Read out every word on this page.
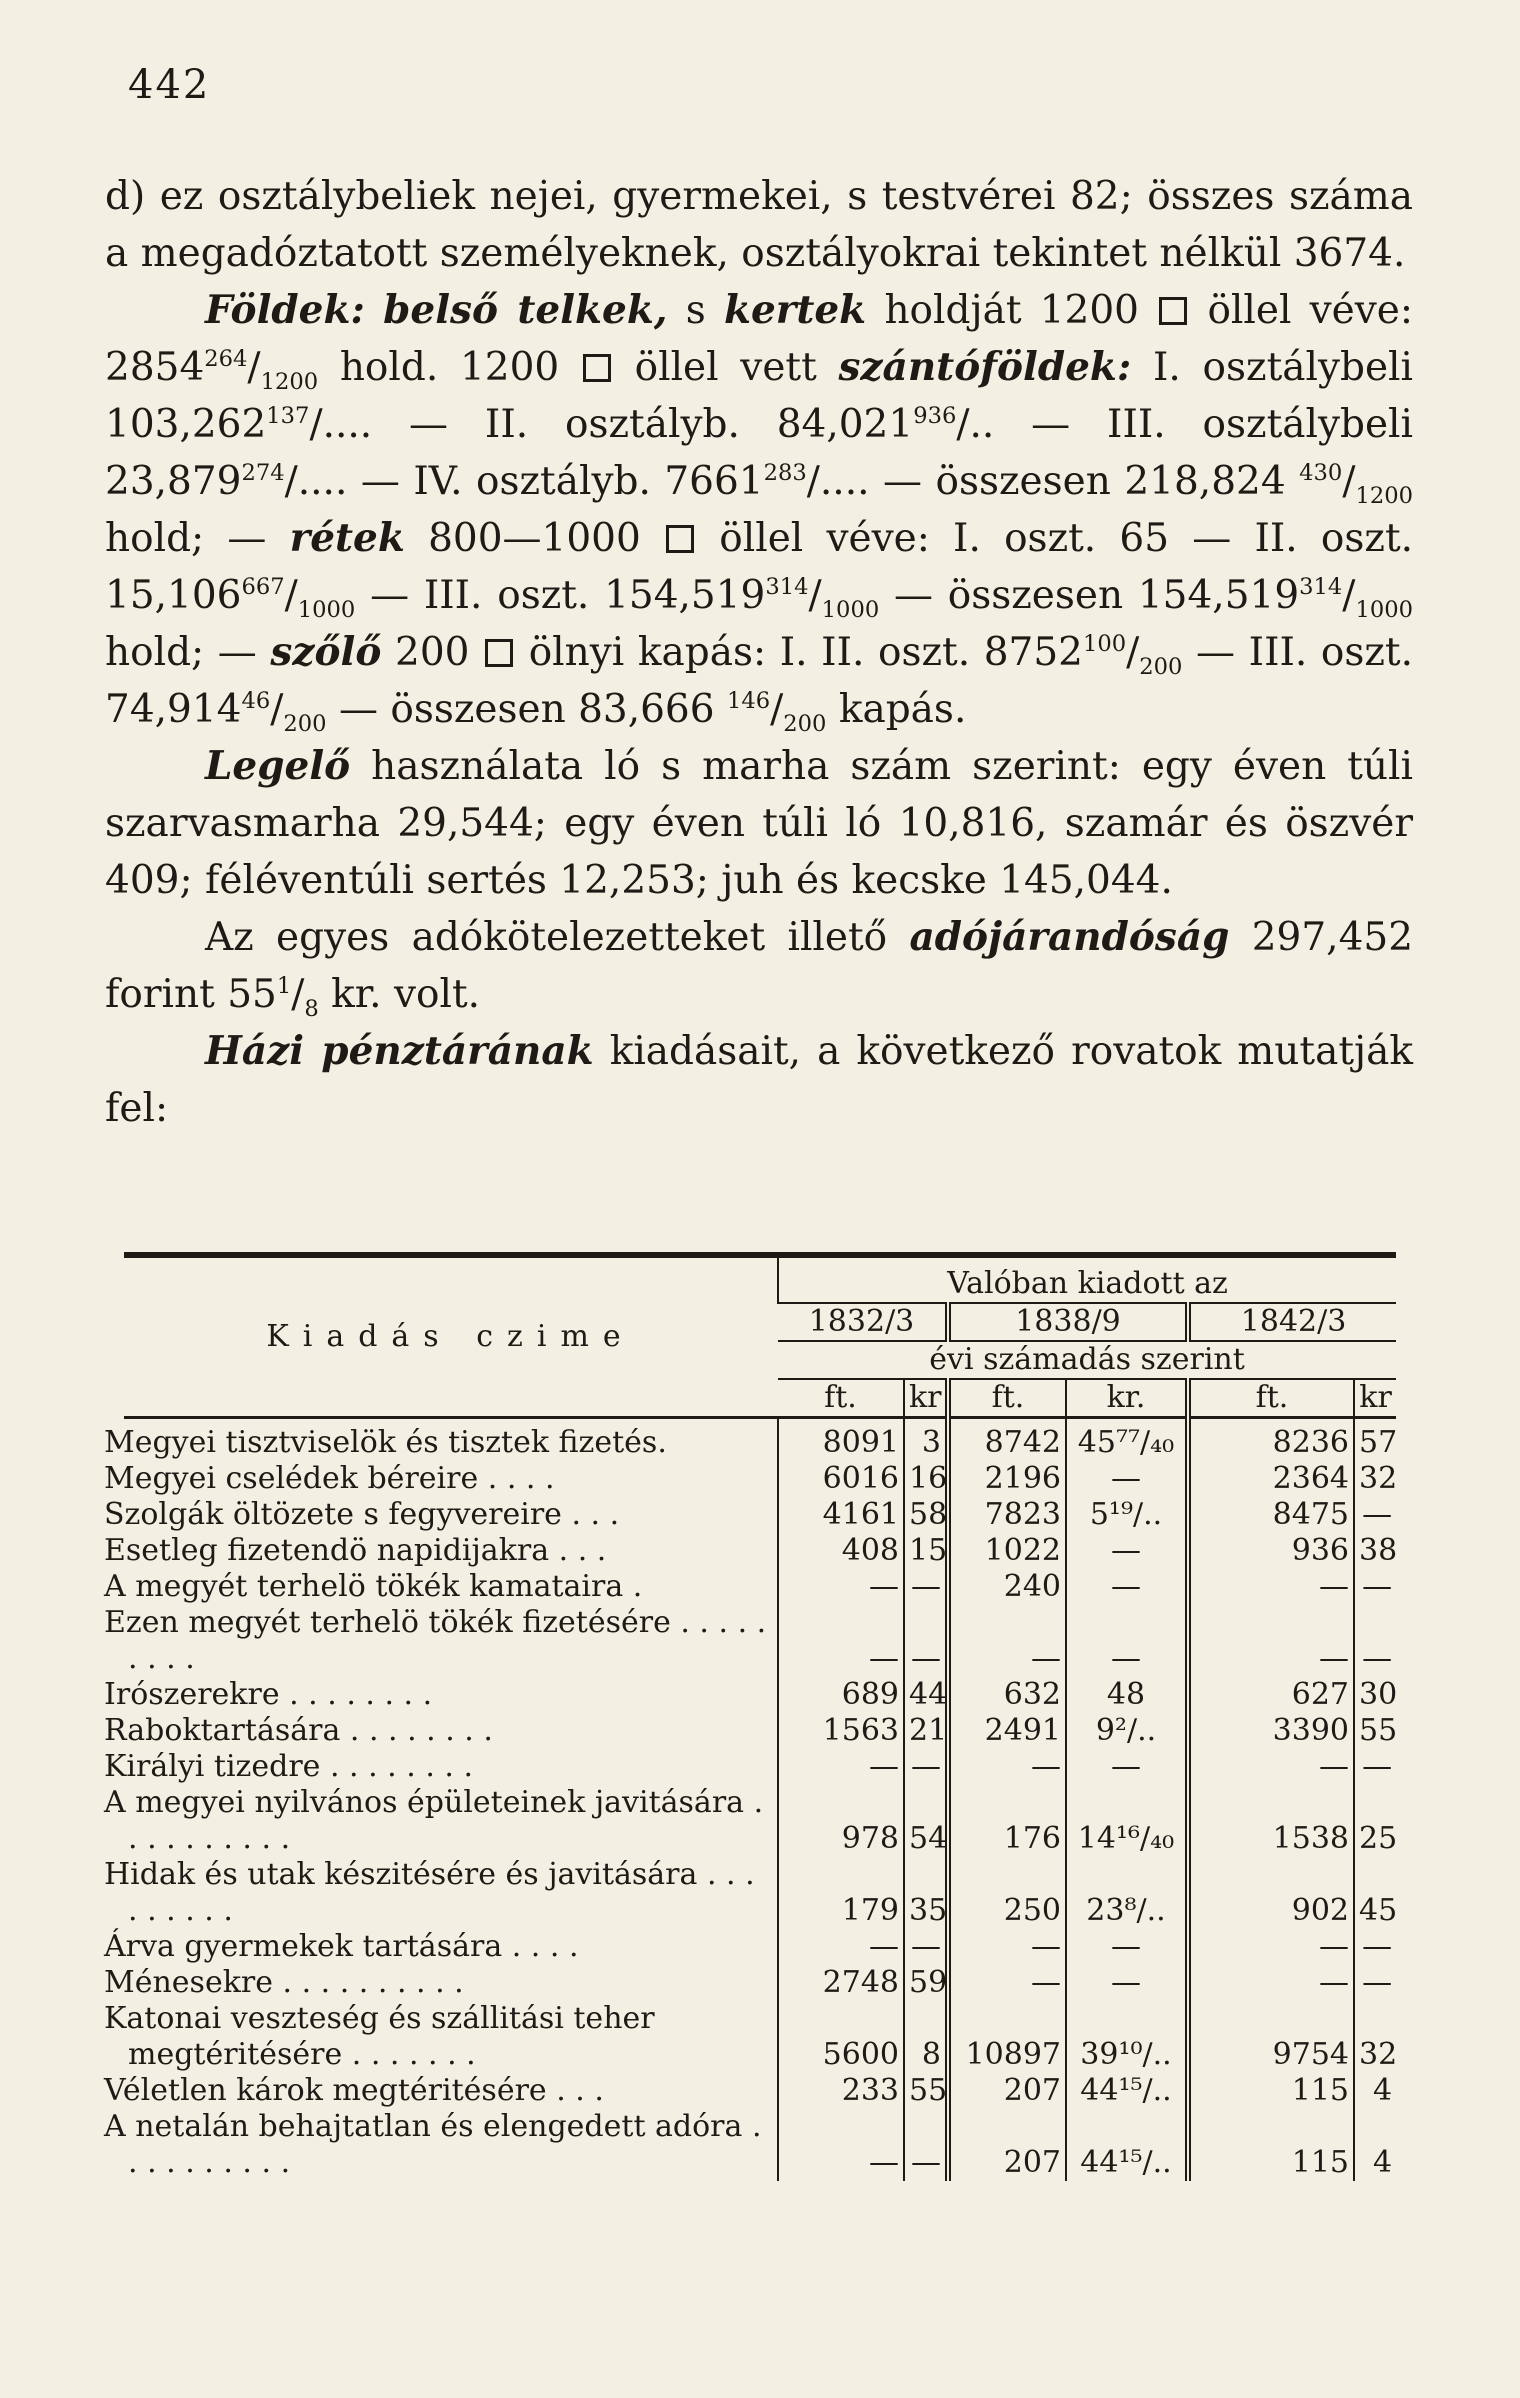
442

d) ez osztálybeliek nejei, gyermekei, s testvérei 82; összes száma a megadóztatott személyeknek, osztályokrai tekintet nélkül 3674.

Földek: belső telkek, s kertek holdját 1200 öllel véve: $2854^{264}/_{1200}$ hold. 1200 öllel vett szántóföldek: I. osztálybeli 103,262$^{137}$/.... — II. osztályb. 84,021$^{936}$/.. — III. osztálybeli 23,879$^{274}$/.... — IV. osztályb. 7661$^{283}$/.... — összesen 218,824 $^{430}/_{1200}$ hold; — rétek 800—1000 öllel véve: I. oszt. 65 — II. oszt. $15,106^{667}/_{1000}$ — III. oszt. $154,519^{314}/_{1000}$ — összesen $154,519^{314}/_{1000}$ hold; — szőlő 200 ölnyi kapás: I. II. oszt. $8752^{100}/_{200}$ — III. oszt. $74,914^{46}/_{200}$ — összesen 83,666 $^{146}/_{200}$ kapás.

Legelő használata ló s marha szám szerint: egy éven túli szarvasmarha 29,544; egy éven túli ló 10,816, szamár és öszvér 409; féléventúli sertés 12,253; juh és kecske 145,044.

Az egyes adókötelezetteket illető adójárandóság 297,452 forint $55^1/_8$ kr. volt.

Házi pénztárának kiadásait, a következő rovatok mutatják fel:

Kiadás czime	Valóban kiadott az					
	1832/3		1838/9		1842/3	
	évi számadás szerint					
	ft.	kr	ft.	kr.	ft.	kr
Megyei tisztviselök és tisztek fizetés.	8091	3	8742	45⁷⁷/₄₀	8236	57
Megyei cselédek béreire . . . .	6016	16	2196	—	2364	32
Szolgák öltözete s fegyvereire . . .	4161	58	7823	5¹⁹/..	8475	—
Esetleg fizetendö napidijakra . . .	408	15	1022	—	936	38
A megyét terhelö tökék kamataira .	—	—	240	—	—	—
Ezen megyét terhelö tökék fizetésére . . . . . . . . .	—	—	—	—	—	—
Irószerekre . . . . . . . .	689	44	632	48	627	30
Raboktartására . . . . . . . .	1563	21	2491	9²/..	3390	55
Királyi tizedre . . . . . . . .	—	—	—	—	—	—
A megyei nyilvános épületeinek javitására . . . . . . . . . .	978	54	176	14¹⁶/₄₀	1538	25
Hidak és utak készitésére és javitására . . . . . . . . .	179	35	250	23⁸/..	902	45
Árva gyermekek tartására . . . .	—	—	—	—	—	—
Ménesekre . . . . . . . . . .	2748	59	—	—	—	—
Katonai veszteség és szállitási teher megtéritésére . . . . . . .	5600	8	10897	39¹⁰/..	9754	32
Véletlen károk megtéritésére . . .	233	55	207	44¹⁵/..	115	4
A netalán behajtatlan és elengedett adóra . . . . . . . . . .	—	—	207	44¹⁵/..	115	4
